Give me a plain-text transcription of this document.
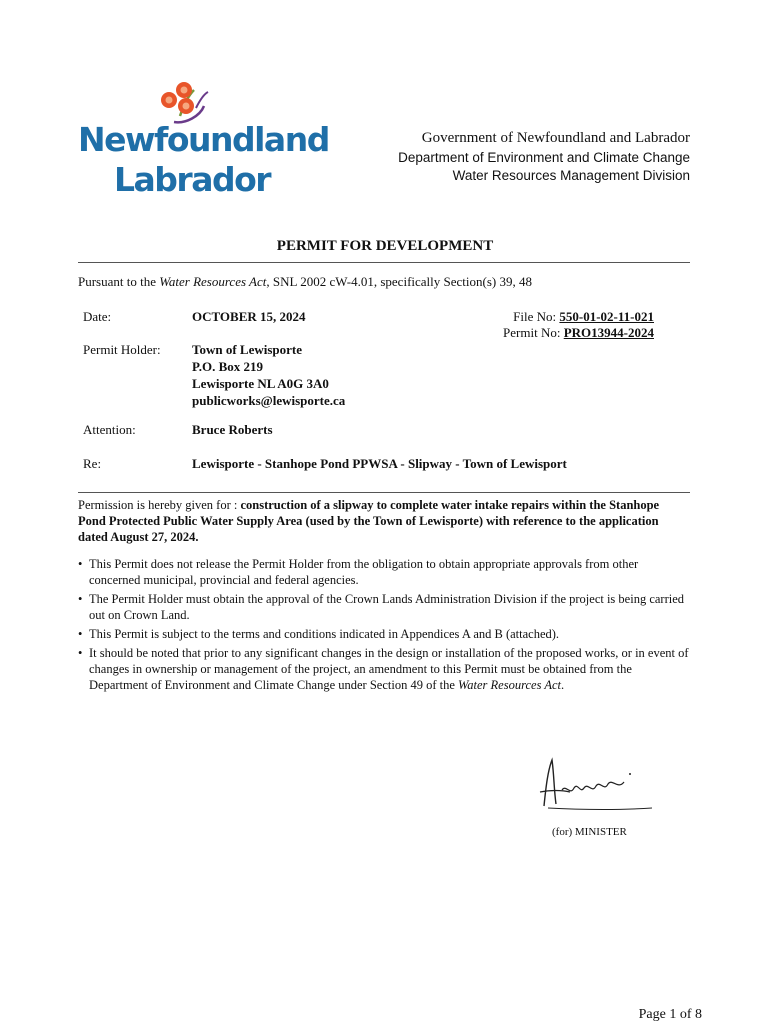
Newfoundland
Labrador
Government of Newfoundland and Labrador
Department of Environment and Climate Change
Water Resources Management Division
PERMIT FOR DEVELOPMENT
Pursuant to the Water Resources Act, SNL 2002 cW-4.01, specifically Section(s) 39, 48
Date:	OCTOBER 15, 2024	File No: 550-01-02-11-021
Permit No: PRO13944-2024
Permit Holder: Town of Lewisporte
P.O. Box 219
Lewisporte NL A0G 3A0
publicworks@lewisporte.ca
Attention:	Bruce Roberts
Re:	Lewisporte - Stanhope Pond PPWSA - Slipway - Town of Lewisport
Permission is hereby given for : construction of a slipway to complete water intake repairs within the Stanhope Pond Protected Public Water Supply Area (used by the Town of Lewisporte) with reference to the application dated August 27, 2024.
• This Permit does not release the Permit Holder from the obligation to obtain appropriate approvals from other concerned municipal, provincial and federal agencies.
• The Permit Holder must obtain the approval of the Crown Lands Administration Division if the project is being carried out on Crown Land.
• This Permit is subject to the terms and conditions indicated in Appendices A and B (attached).
• It should be noted that prior to any significant changes in the design or installation of the proposed works, or in event of changes in ownership or management of the project, an amendment to this Permit must be obtained from the Department of Environment and Climate Change under Section 49 of the Water Resources Act.
(for) MINISTER
Page 1 of 8
